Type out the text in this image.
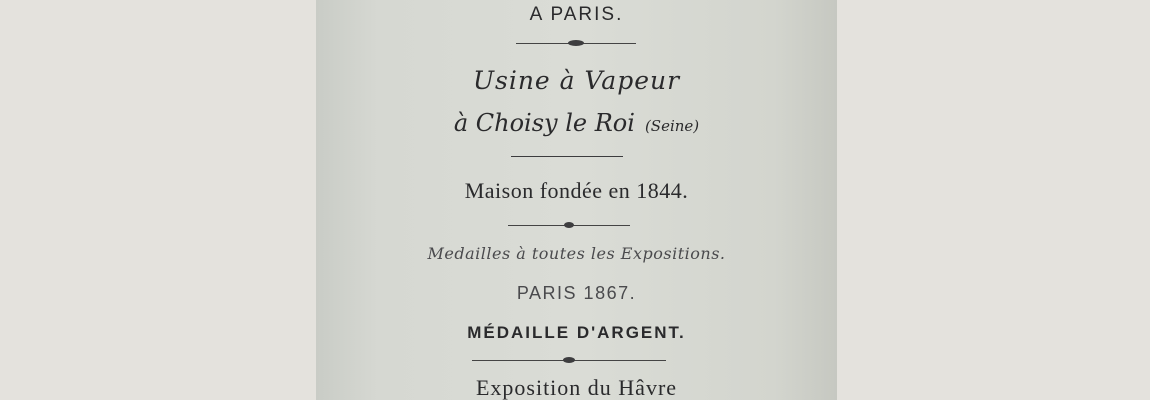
A PARIS.
Usine à Vapeur
à Choisy le Roi (Seine)
Maison fondée en 1844.
Medailles à toutes les Expositions.
PARIS 1867.
MÉDAILLE D'ARGENT.
Exposition du Hâvre
